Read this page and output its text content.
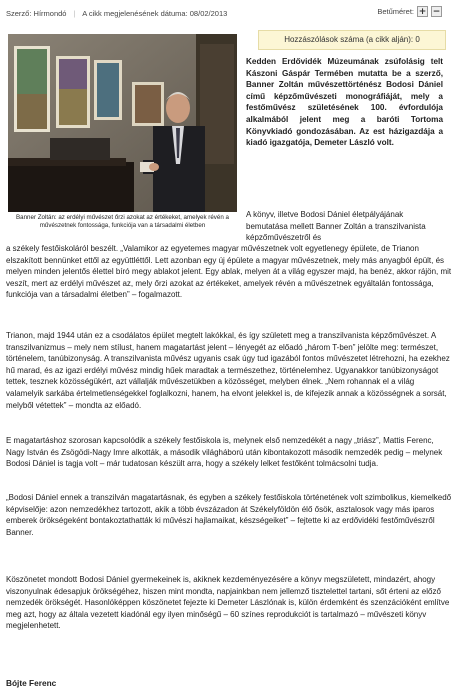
Szerző: Hírmondó | A cikk megjelenésének dátuma: 08/02/2013	Betűméret: + −
Hozzászólások száma (a cikk alján): 0
Banner Zoltán: az erdélyi művészet őrzi azokat az értékeket, amelyek révén a művészetnek fontossága, funkciója van a társadalmi életben
Kedden Erdővidék Múzeumának zsúfolásig telt Kászoni Gáspár Termében mutatta be a szerző, Banner Zoltán művészettörténész Bodosi Dániel című képzőművészeti monográfiáját, mely a festőművész születésének 100. évfordulója alkalmából jelent meg a baróti Tortoma Könyvkiadó gondozásában. Az est házigazdája a kiadó igazgatója, Demeter László volt.
A könyv, illetve Bodosi Dániel életpályájának bemutatása mellett Banner Zoltán a transzilvanista képzőművészetről és
a székely festőiskoláról beszélt. „Valamikor az egyetemes magyar művészetnek volt egyetlenegy épülete, de Trianon elszakított bennünket ettől az együttléttől. Lett azonban egy új épülete a magyar művészetnek, mely más anyagból épült, és melyen minden jelentős élettel bíró megy ablakot jelent. Egy ablak, melyen át a világ egyszer majd, ha benéz, akkor rájön, mit veszít, mert az erdélyi művészet az, mely őrzi azokat az értékeket, amelyek révén a művészetnek egyáltalán fontossága, funkciója van a társadalmi életben” – fogalmazott.
Trianon, majd 1944 után ez a csodálatos épület megtelt lakókkal, és így született meg a transzilvanista képzőművészet. A transzilvanizmus – mely nem stílust, hanem magatartást jelent – lényegét az előadó „három T-ben” jelölte meg: természet, történelem, tanúbizonyság. A transzilvanista művész ugyanis csak úgy tud igazából fontos művészetet létrehozni, ha ezekhez hű marad, és az igazi erdélyi művész mindig hűek maradtak a természethez, történelemhez. Ugyanakkor tanúbizonyságot tettek, tesznek közösségükért, azt vállalják művészetükben a közösséget, melyben élnek. „Nem rohannak el a világ valamelyik sarkába értelmetlenségekkel foglalkozni, hanem, ha elvont jelekkel is, de kifejezik annak a közösségnek a sorsát, melyből vétettek” – mondta az előadó.
E magatartáshoz szorosan kapcsolódik a székely festőiskola is, melynek első nemzedékét a nagy „triász”, Mattis Ferenc, Nagy István és Zsögödi-Nagy Imre alkották, a második világháború után kibontakozott második nemzedék pedig – melynek Bodosi Dániel is tagja volt – már tudatosan készült arra, hogy a székely lelket festőként tolmácsolni tudja.
„Bodosi Dániel ennek a transzilván magatartásnak, és egyben a székely festőiskola történetének volt szimbolikus, kiemelkedő képviselője: azon nemzedékhez tartozott, akik a több évszázadon át Székelyföldön élő ősök, asztalosok vagy más iparos emberek örökségeként bontakoztathatták ki művészi hajlamaikat, készségeiket” – fejtette ki az erdővidéki festőművészről Banner.
Köszönetet mondott Bodosi Dániel gyermekeinek is, akiknek kezdeményezésére a könyv megszületett, mindazért, ahogy viszonyulnak édesapjuk örökségéhez, hiszen mint mondta, napjainkban nem jellemző tisztelettel tartani, sőt érteni az előző nemzedék örökségét. Hasonlóképpen köszönetet fejezte ki Demeter Lászlónak is, külön érdemként és szenzációként említve meg azt, hogy az általa vezetett kiadónál egy ilyen minőségű – 60 színes reprodukciót is tartalmazó – művészeti könyv megjelenhetett.
Bójte Ferenc
